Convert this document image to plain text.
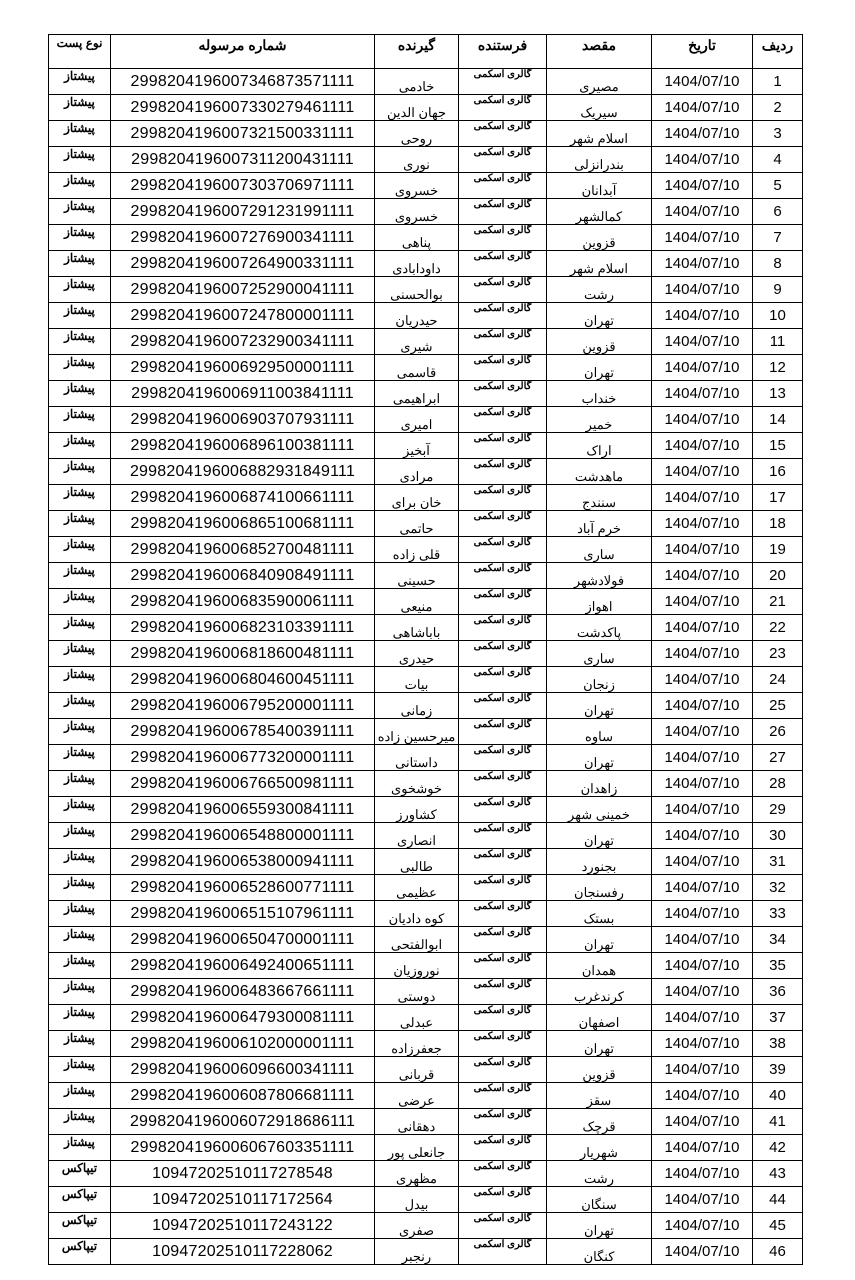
نوع پست	شماره مرسوله	گیرنده	فرستنده	مقصد	تاریخ	ردیف
پیشتاز	2998204196007346873571111	خادمی	گالری اسکمی	مصیری	1404/07/10	1
پیشتاز	2998204196007330279461111	جهان الدین	گالری اسکمی	سیریک	1404/07/10	2
پیشتاز	2998204196007321500331111	روحی	گالری اسکمی	اسلام شهر	1404/07/10	3
پیشتاز	2998204196007311200431111	نوری	گالری اسکمی	بندرانزلی	1404/07/10	4
پیشتاز	2998204196007303706971111	خسروی	گالری اسکمی	آبدانان	1404/07/10	5
پیشتاز	2998204196007291231991111	خسروی	گالری اسکمی	کمالشهر	1404/07/10	6
پیشتاز	2998204196007276900341111	پناهی	گالری اسکمی	قزوین	1404/07/10	7
پیشتاز	2998204196007264900331111	داودابادی	گالری اسکمی	اسلام شهر	1404/07/10	8
پیشتاز	2998204196007252900041111	بوالحسنی	گالری اسکمی	رشت	1404/07/10	9
پیشتاز	2998204196007247800001111	حیدریان	گالری اسکمی	تهران	1404/07/10	10
پیشتاز	2998204196007232900341111	شیری	گالری اسکمی	قزوین	1404/07/10	11
پیشتاز	2998204196006929500001111	قاسمی	گالری اسکمی	تهران	1404/07/10	12
پیشتاز	2998204196006911003841111	ابراهیمی	گالری اسکمی	خنداب	1404/07/10	13
پیشتاز	2998204196006903707931111	امیری	گالری اسکمی	خمیر	1404/07/10	14
پیشتاز	2998204196006896100381111	آبخیز	گالری اسکمی	اراک	1404/07/10	15
پیشتاز	2998204196006882931849111	مرادی	گالری اسکمی	ماهدشت	1404/07/10	16
پیشتاز	2998204196006874100661111	خان برای	گالری اسکمی	سنندج	1404/07/10	17
پیشتاز	2998204196006865100681111	حاتمی	گالری اسکمی	خرم آباد	1404/07/10	18
پیشتاز	2998204196006852700481111	قلی زاده	گالری اسکمی	ساری	1404/07/10	19
پیشتاز	2998204196006840908491111	حسینی	گالری اسکمی	فولادشهر	1404/07/10	20
پیشتاز	2998204196006835900061111	منیعی	گالری اسکمی	اهواز	1404/07/10	21
پیشتاز	2998204196006823103391111	باباشاهی	گالری اسکمی	پاکدشت	1404/07/10	22
پیشتاز	2998204196006818600481111	حیدری	گالری اسکمی	ساری	1404/07/10	23
پیشتاز	2998204196006804600451111	بیات	گالری اسکمی	زنجان	1404/07/10	24
پیشتاز	2998204196006795200001111	زمانی	گالری اسکمی	تهران	1404/07/10	25
پیشتاز	2998204196006785400391111	میرحسین زاده	گالری اسکمی	ساوه	1404/07/10	26
پیشتاز	2998204196006773200001111	داستانی	گالری اسکمی	تهران	1404/07/10	27
پیشتاز	2998204196006766500981111	خوشخوی	گالری اسکمی	زاهدان	1404/07/10	28
پیشتاز	2998204196006559300841111	کشاورز	گالری اسکمی	خمینی شهر	1404/07/10	29
پیشتاز	2998204196006548800001111	انصاری	گالری اسکمی	تهران	1404/07/10	30
پیشتاز	2998204196006538000941111	طالبی	گالری اسکمی	بجنورد	1404/07/10	31
پیشتاز	2998204196006528600771111	عظیمی	گالری اسکمی	رفسنجان	1404/07/10	32
پیشتاز	2998204196006515107961111	کوه دادیان	گالری اسکمی	بستک	1404/07/10	33
پیشتاز	2998204196006504700001111	ابوالفتحی	گالری اسکمی	تهران	1404/07/10	34
پیشتاز	2998204196006492400651111	نوروزیان	گالری اسکمی	همدان	1404/07/10	35
پیشتاز	2998204196006483667661111	دوستی	گالری اسکمی	کرندغرب	1404/07/10	36
پیشتاز	2998204196006479300081111	عبدلی	گالری اسکمی	اصفهان	1404/07/10	37
پیشتاز	2998204196006102000001111	جعفرزاده	گالری اسکمی	تهران	1404/07/10	38
پیشتاز	2998204196006096600341111	قربانی	گالری اسکمی	قزوین	1404/07/10	39
پیشتاز	2998204196006087806681111	عرضی	گالری اسکمی	سقز	1404/07/10	40
پیشتاز	2998204196006072918686111	دهقانی	گالری اسکمی	قرچک	1404/07/10	41
پیشتاز	2998204196006067603351111	جانعلی پور	گالری اسکمی	شهریار	1404/07/10	42
تیپاکس	10947202510117278548	مظهری	گالری اسکمی	رشت	1404/07/10	43
تیپاکس	10947202510117172564	بیدل	گالری اسکمی	سنگان	1404/07/10	44
تیپاکس	10947202510117243122	صفری	گالری اسکمی	تهران	1404/07/10	45
تیپاکس	10947202510117228062	رنجبر	گالری اسکمی	کنگان	1404/07/10	46
